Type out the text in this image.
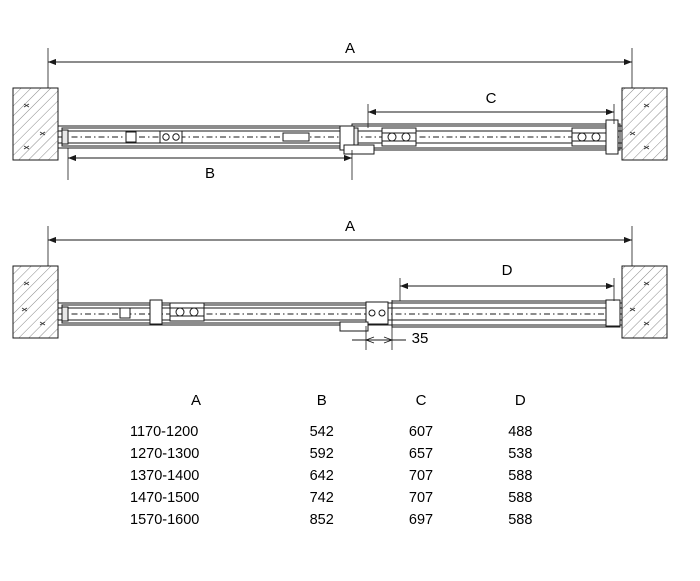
A
B
C
A
D
35
A	B	C	D
1170-1200	542	607	488
1270-1300	592	657	538
1370-1400	642	707	588
1470-1500	742	707	588
1570-1600	852	697	588
